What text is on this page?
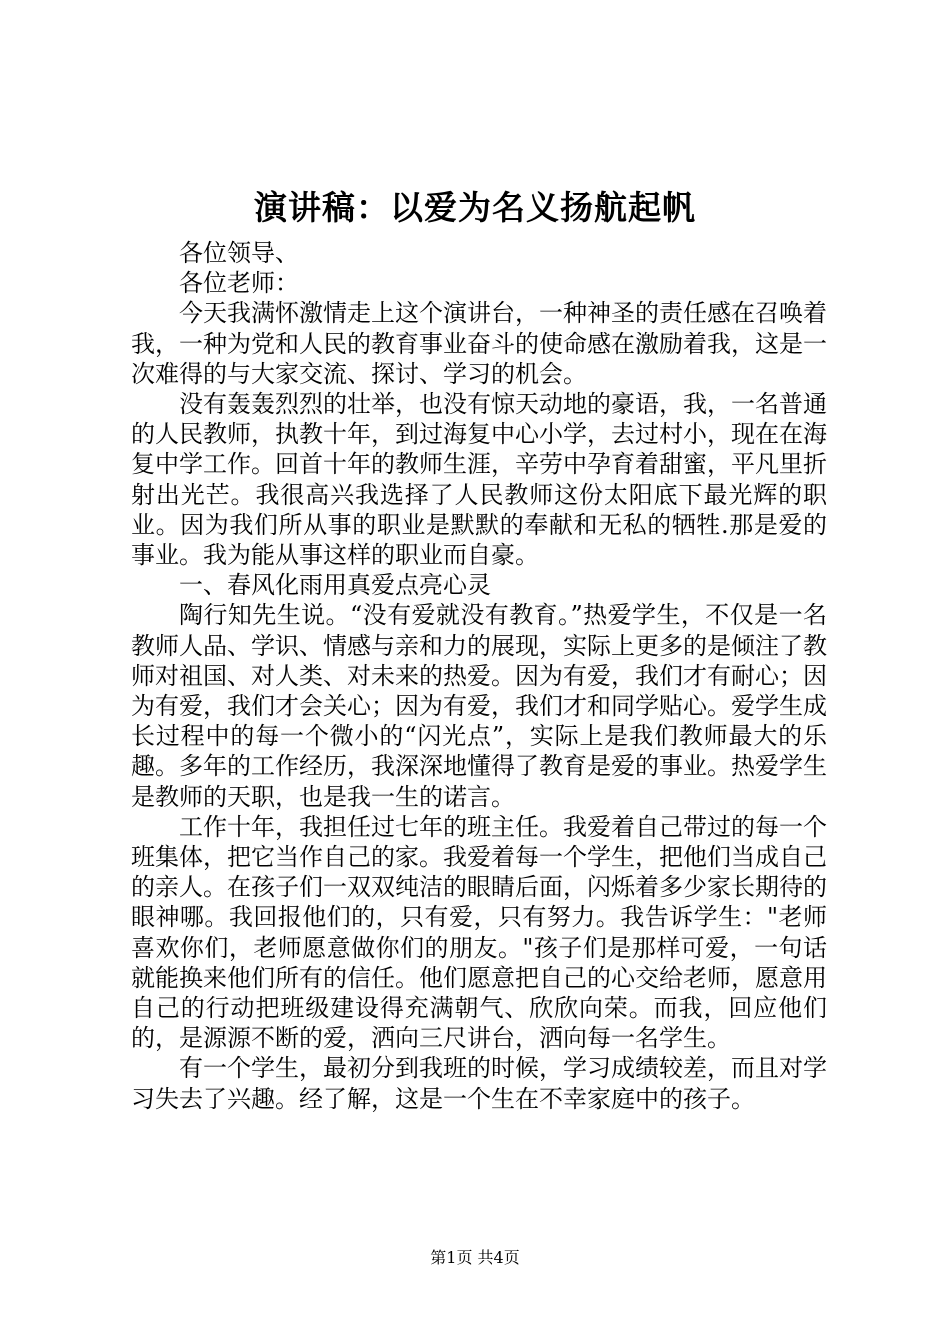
演讲稿：以爱为名义扬航起帆

各位领导、

各位老师：

今天我满怀激情走上这个演讲台，一种神圣的责任感在召唤着我，一种为党和人民的教育事业奋斗的使命感在激励着我，这是一次难得的与大家交流、探讨、学习的机会。

没有轰轰烈烈的壮举，也没有惊天动地的豪语，我，一名普通的人民教师，执教十年，到过海复中心小学，去过村小，现在在海复中学工作。回首十年的教师生涯，辛劳中孕育着甜蜜，平凡里折射出光芒。我很高兴我选择了人民教师这份太阳底下最光辉的职业。因为我们所从事的职业是默默的奉献和无私的牺牲.那是爱的事业。我为能从事这样的职业而自豪。

一、春风化雨用真爱点亮心灵

陶行知先生说。“没有爱就没有教育。”热爱学生，不仅是一名教师人品、学识、情感与亲和力的展现，实际上更多的是倾注了教师对祖国、对人类、对未来的热爱。因为有爱，我们才有耐心；因为有爱，我们才会关心；因为有爱，我们才和同学贴心。爱学生成长过程中的每一个微小的“闪光点”，实际上是我们教师最大的乐趣。多年的工作经历，我深深地懂得了教育是爱的事业。热爱学生是教师的天职，也是我一生的诺言。

工作十年，我担任过七年的班主任。我爱着自己带过的每一个班集体，把它当作自己的家。我爱着每一个学生，把他们当成自己的亲人。在孩子们一双双纯洁的眼睛后面，闪烁着多少家长期待的眼神哪。我回报他们的，只有爱，只有努力。我告诉学生："老师喜欢你们，老师愿意做你们的朋友。"孩子们是那样可爱，一句话就能换来他们所有的信任。他们愿意把自己的心交给老师，愿意用自己的行动把班级建设得充满朝气、欣欣向荣。而我，回应他们的，是源源不断的爱，洒向三尺讲台，洒向每一名学生。

有一个学生，最初分到我班的时候，学习成绩较差，而且对学习失去了兴趣。经了解，这是一个生在不幸家庭中的孩子。

第1页 共4页
